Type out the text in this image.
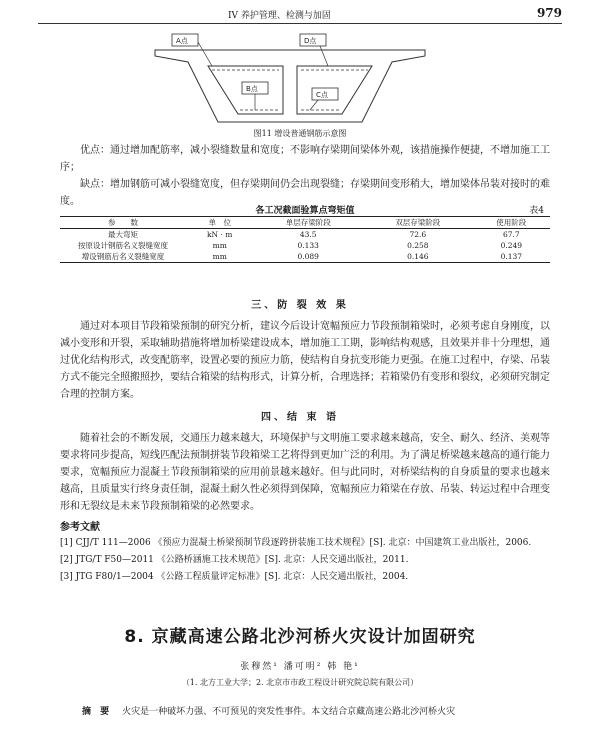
IV 养护管理、检测与加固	979
A点	D点
B点
C点
图11 增设普通钢筋示意图

优点：通过增加配筋率，减小裂缝数量和宽度；不影响存梁期间梁体外观，该措施操作便捷，不增加施工工序；

缺点：增加钢筋可减小裂缝宽度，但存梁期间仍会出现裂缝；存梁期间变形稍大，增加梁体吊装对接时的难度。

各工况截面验算点弯矩值	表4
参　　数	单　位	单层存梁阶段	双层存梁阶段	使用阶段
最大弯矩	kN · m	43.5	72.6	67.7
按原设计钢筋名义裂缝宽度	mm	0.133	0.258	0.249
增设钢筋后名义裂缝宽度	mm	0.089	0.146	0.137
三、防 裂 效 果

通过对本项目节段箱梁预制的研究分析，建议今后设计宽幅预应力节段预制箱梁时，必须考虑自身刚度，以减小变形和开裂，采取辅助措施将增加桥梁建设成本，增加施工工期，影响结构观感，且效果并非十分理想，通过优化结构形式，改变配筋率，设置必要的预应力筋，使结构自身抗变形能力更强。在施工过程中，存梁、吊装方式不能完全照搬照抄，要结合箱梁的结构形式，计算分析，合理选择；若箱梁仍有变形和裂纹，必须研究制定合理的控制方案。

四、结 束 语

随着社会的不断发展，交通压力越来越大，环境保护与文明施工要求越来越高，安全、耐久、经济、美观等要求将同步提高，短线匹配法预制拼装节段箱梁工艺将得到更加广泛的利用。为了满足桥梁越来越高的通行能力要求，宽幅预应力混凝土节段预制箱梁的应用前景越来越好。但与此同时，对桥梁结构的自身质量的要求也越来越高，且质量实行终身责任制，混凝土耐久性必须得到保障，宽幅预应力箱梁在存放、吊装、转运过程中合理变形和无裂纹是未来节段预制箱梁的必然要求。

参考文献
[1] CJJ/T 111—2006 《预应力混凝土桥梁预制节段逐跨拼装施工技术规程》[S]. 北京：中国建筑工业出版社，2006.
[2] JTG/T F50—2011 《公路桥涵施工技术规范》[S]. 北京：人民交通出版社，2011.
[3] JTG F80/1—2004 《公路工程质量评定标准》[S]. 北京：人民交通出版社，2004.
8. 京藏高速公路北沙河桥火灾设计加固研究
张穆然¹ 潘可明² 韩 艳¹
（1. 北方工业大学；2. 北京市市政工程设计研究院总院有限公司）
摘 要 火灾是一种破坏力强、不可预见的突发性事件。本文结合京藏高速公路北沙河桥火灾
